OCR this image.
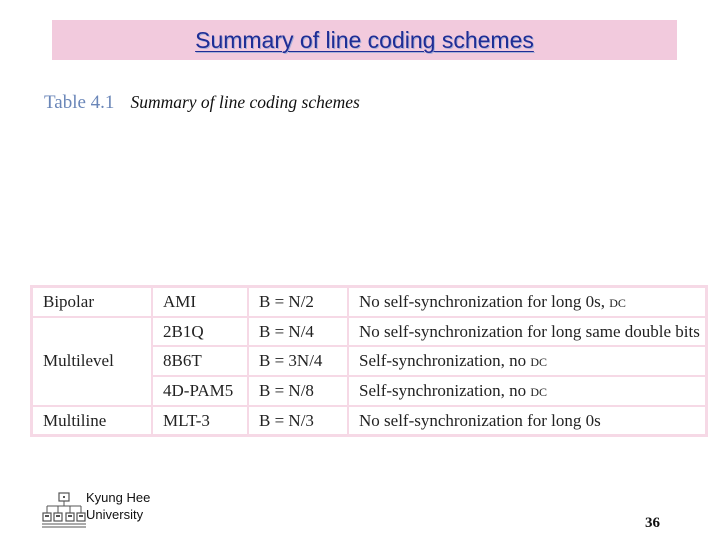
Summary of line coding schemes
Table 4.1 Summary of line coding schemes
Bipolar	AMI	B = N/2	No self-synchronization for long 0s, DC
Multilevel	2B1Q	B = N/4	No self-synchronization for long same double bits
	8B6T	B = 3N/4	Self-synchronization, no DC
	4D-PAM5	B = N/8	Self-synchronization, no DC
Multiline	MLT-3	B = N/3	No self-synchronization for long 0s
Kyung Hee
University
36
